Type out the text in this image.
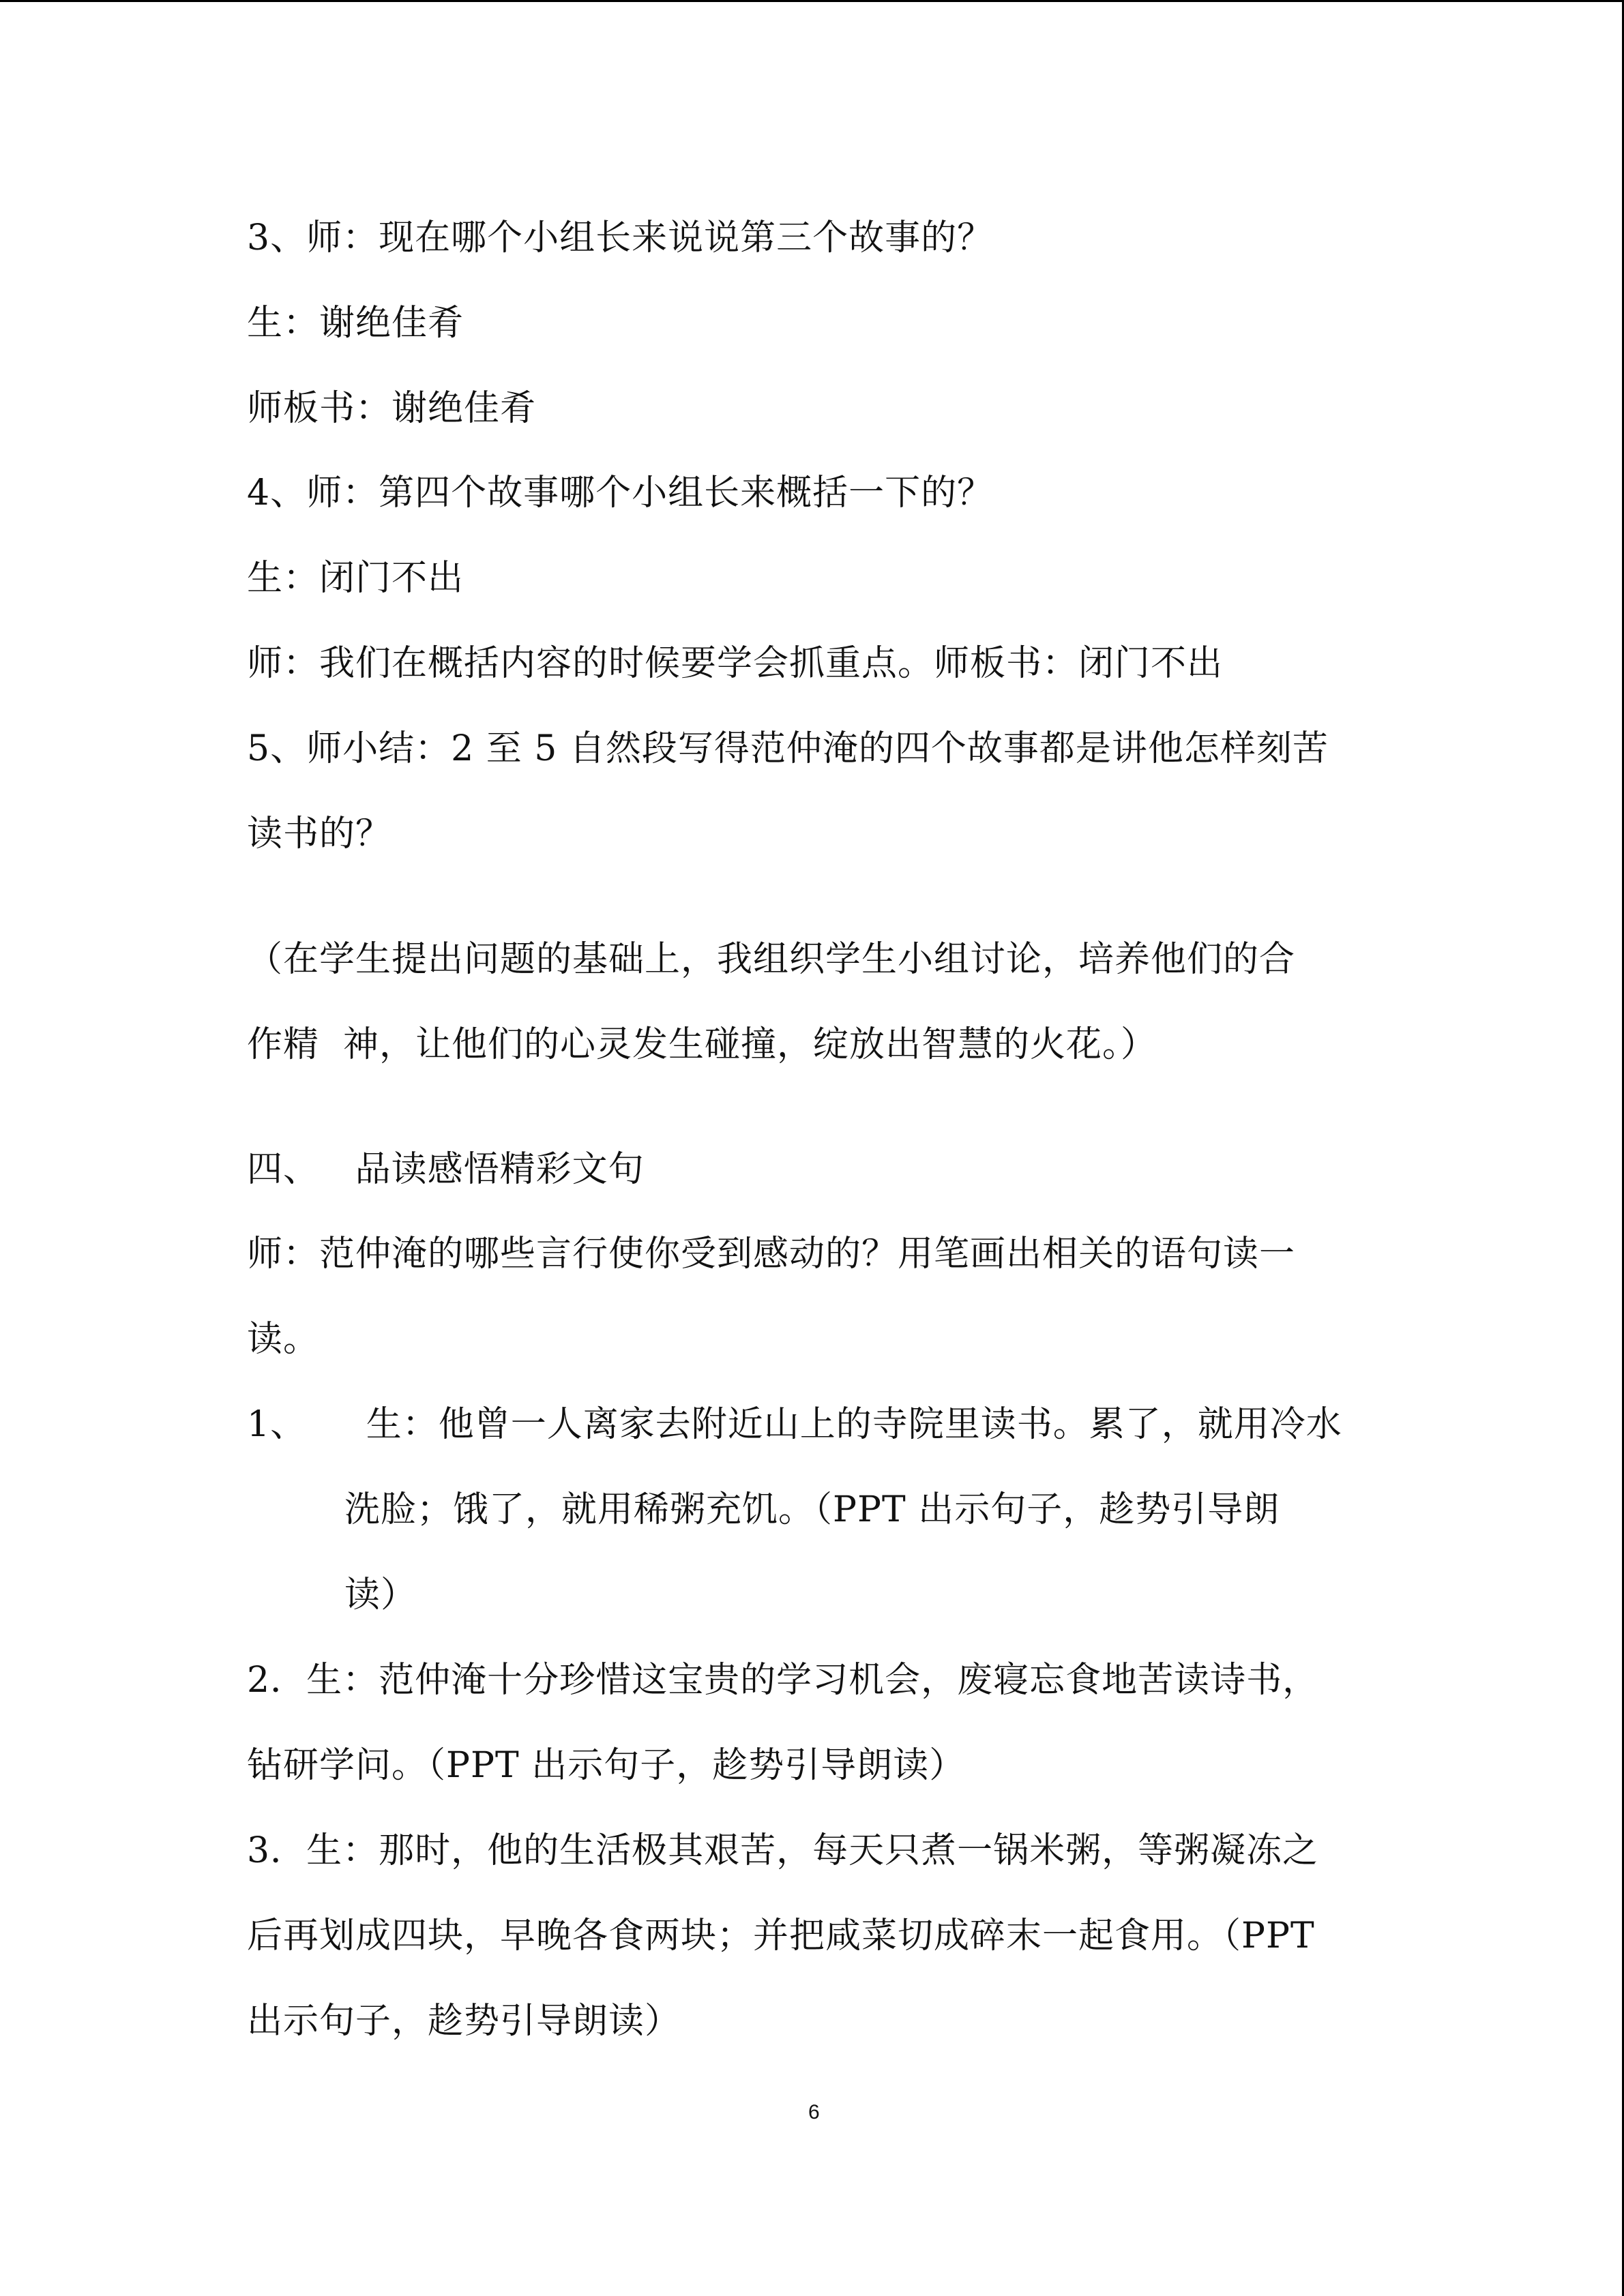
3、师：现在哪个小组长来说说第三个故事的？
生：谢绝佳肴
师板书：谢绝佳肴
4、师：第四个故事哪个小组长来概括一下的？
生：闭门不出
师：我们在概括内容的时候要学会抓重点。师板书：闭门不出
5、师小结：2 至 5 自然段写得范仲淹的四个故事都是讲他怎样刻苦
读书的？
（在学生提出问题的基础上，我组织学生小组讨论，培养他们的合
作精  神，让他们的心灵发生碰撞，绽放出智慧的火花。）
四、   品读感悟精彩文句
师：范仲淹的哪些言行使你受到感动的？用笔画出相关的语句读一
读。
1、     生：他曾一人离家去附近山上的寺院里读书。累了，就用冷水
洗脸；饿了，就用稀粥充饥。（PPT 出示句子，趁势引导朗
读）
2．生：范仲淹十分珍惜这宝贵的学习机会，废寝忘食地苦读诗书，
钻研学问。（PPT 出示句子，趁势引导朗读）
3．生：那时，他的生活极其艰苦，每天只煮一锅米粥，等粥凝冻之
后再划成四块，早晚各食两块；并把咸菜切成碎末一起食用。（PPT
出示句子，趁势引导朗读）
6
